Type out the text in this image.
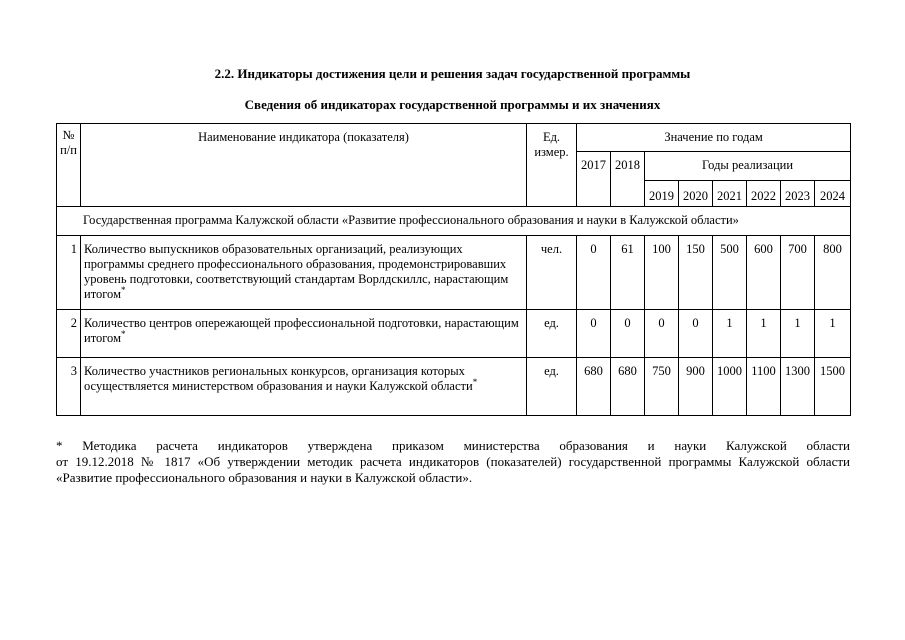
2.2. Индикаторы достижения цели и решения задач государственной программы
Сведения об индикаторах государственной программы и их значениях
№ п/п	Наименование индикатора (показателя)	Ед. измер.	Значение по годам							
			2017	2018	Годы реализации					
					2019	2020	2021	2022	2023	2024
Государственная программа Калужской области «Развитие профессионального образования и науки в Калужской области»										
1	Количество выпускников образовательных организаций, реализующих программы среднего профессионального образования, продемонстрировавших уровень подготовки, соответствующий стандартам Ворлдскиллс, нарастающим итогом*	чел.	0	61	100	150	500	600	700	800
2	Количество центров опережающей профессиональной подготовки, нарастающим итогом*	ед.	0	0	0	0	1	1	1	1
3	Количество участников региональных конкурсов, организация которых осуществляется министерством образования и науки Калужской области*	ед.	680	680	750	900	1000	1100	1300	1500
* Методика расчета индикаторов утверждена приказом министерства образования и науки Калужской области
от 19.12.2018 № 1817 «Об утверждении методик расчета индикаторов (показателей) государственной программы Калужской области «Развитие профессионального образования и науки в Калужской области».
